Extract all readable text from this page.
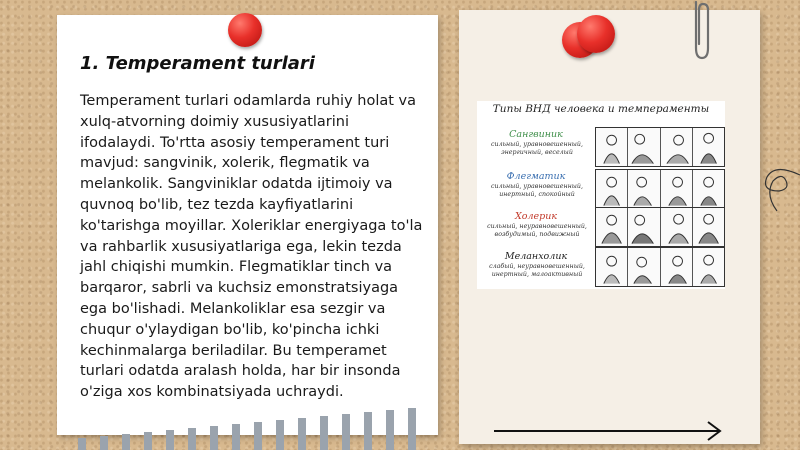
1. Temperament turlari

Temperament turlari odamlarda ruhiy holat va xulq-atvorning doimiy xususiyatlarini ifodalaydi. To'rtta asosiy temperament turi mavjud: sangvinik, xolerik, flegmatik va melankolik. Sangviniklar odatda ijtimoiy va quvnoq bo'lib, tez tezda kayfiyatlarini ko'tarishga moyillar. Xoleriklar energiyaga to'la va rahbarlik xususiyatlariga ega, lekin tezda jahl chiqishi mumkin. Flegmatiklar tinch va barqaror, sabrli va kuchsiz emonstratsiyaga ega bo'lishadi. Melankoliklar esa sezgir va chuqur o'ylaydigan bo'lib, ko'pincha ichki kechinmalarga beriladilar. Bu temperamet turlari odatda aralash holda, har bir insonda o'ziga xos kombinatsiyada uchraydi.

Типы ВНД человека и темпераменты

Сангвиник
сильный, уравновешенный, энергичный, веселый
Флегматик
сильный, уравновешенный, инертный, спокойный
Холерик
сильный, неуравновешенный, возбудимый, подвижный
Меланхолик
слабый, неуравновешенный, инертный, малоактивный
